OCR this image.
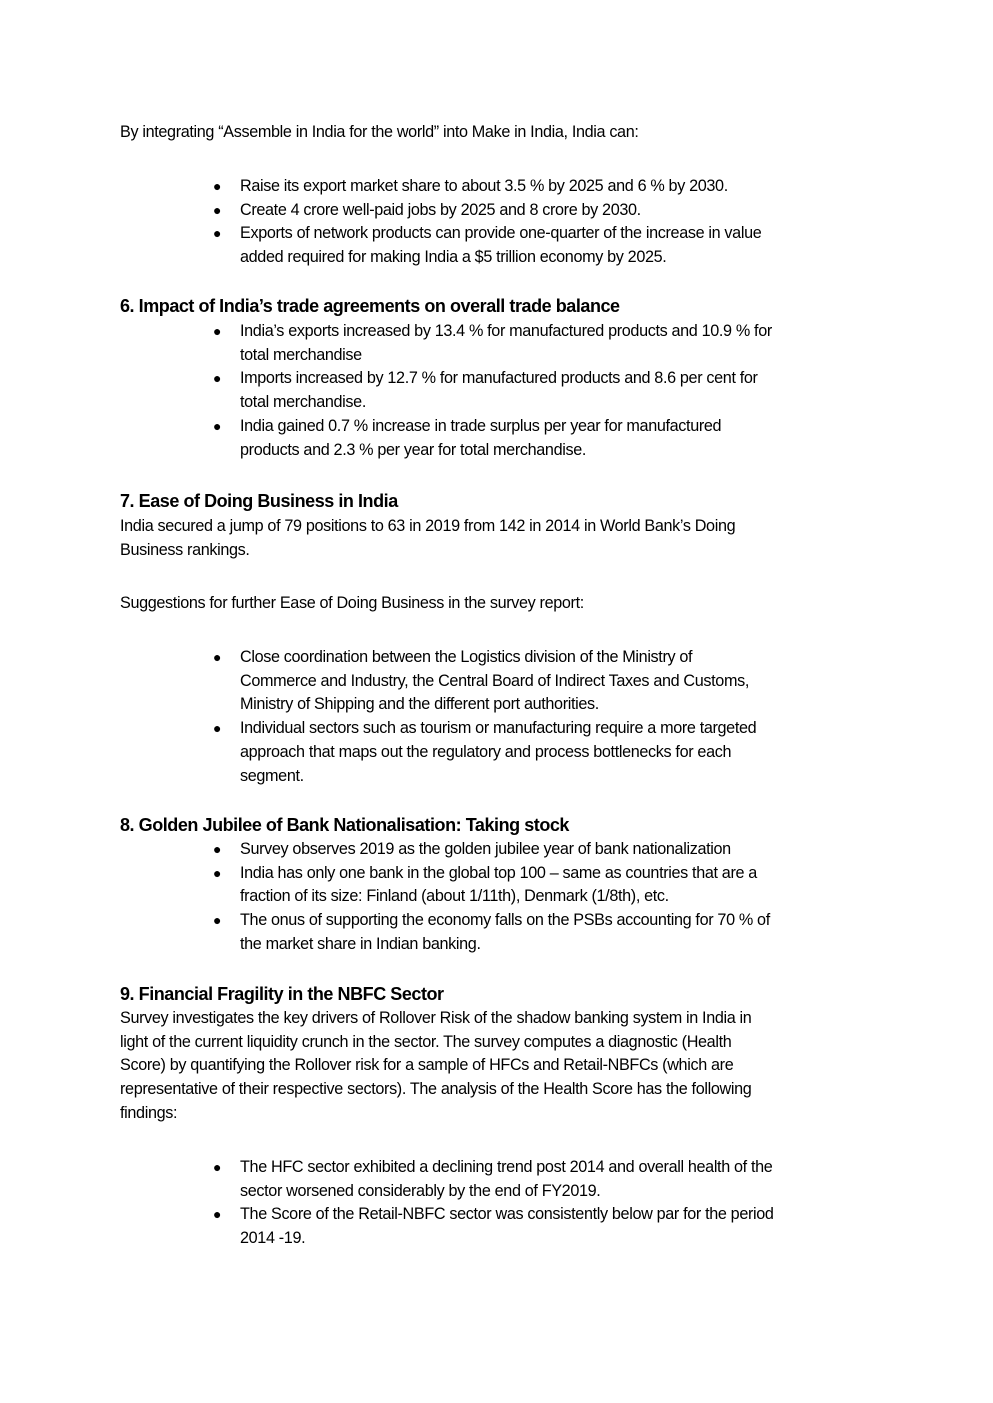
By integrating “Assemble in India for the world” into Make in India, India can:
● Raise its export market share to about 3.5 % by 2025 and 6 % by 2030.
● Create 4 crore well-paid jobs by 2025 and 8 crore by 2030.
● Exports of network products can provide one-quarter of the increase in value
added required for making India a $5 trillion economy by 2025.
6. Impact of India’s trade agreements on overall trade balance
● India’s exports increased by 13.4 % for manufactured products and 10.9 % for
total merchandise
● Imports increased by 12.7 % for manufactured products and 8.6 per cent for
total merchandise.
● India gained 0.7 % increase in trade surplus per year for manufactured
products and 2.3 % per year for total merchandise.
7. Ease of Doing Business in India
India secured a jump of 79 positions to 63 in 2019 from 142 in 2014 in World Bank’s Doing
Business rankings.
Suggestions for further Ease of Doing Business in the survey report:
● Close coordination between the Logistics division of the Ministry of
Commerce and Industry, the Central Board of Indirect Taxes and Customs,
Ministry of Shipping and the different port authorities.
● Individual sectors such as tourism or manufacturing require a more targeted
approach that maps out the regulatory and process bottlenecks for each
segment.
8. Golden Jubilee of Bank Nationalisation: Taking stock
● Survey observes 2019 as the golden jubilee year of bank nationalization
● India has only one bank in the global top 100 – same as countries that are a
fraction of its size: Finland (about 1/11th), Denmark (1/8th), etc.
● The onus of supporting the economy falls on the PSBs accounting for 70 % of
the market share in Indian banking.
9. Financial Fragility in the NBFC Sector
Survey investigates the key drivers of Rollover Risk of the shadow banking system in India in
light of the current liquidity crunch in the sector. The survey computes a diagnostic (Health
Score) by quantifying the Rollover risk for a sample of HFCs and Retail-NBFCs (which are
representative of their respective sectors). The analysis of the Health Score has the following
findings:
● The HFC sector exhibited a declining trend post 2014 and overall health of the
sector worsened considerably by the end of FY2019.
● The Score of the Retail-NBFC sector was consistently below par for the period
2014 -19.
